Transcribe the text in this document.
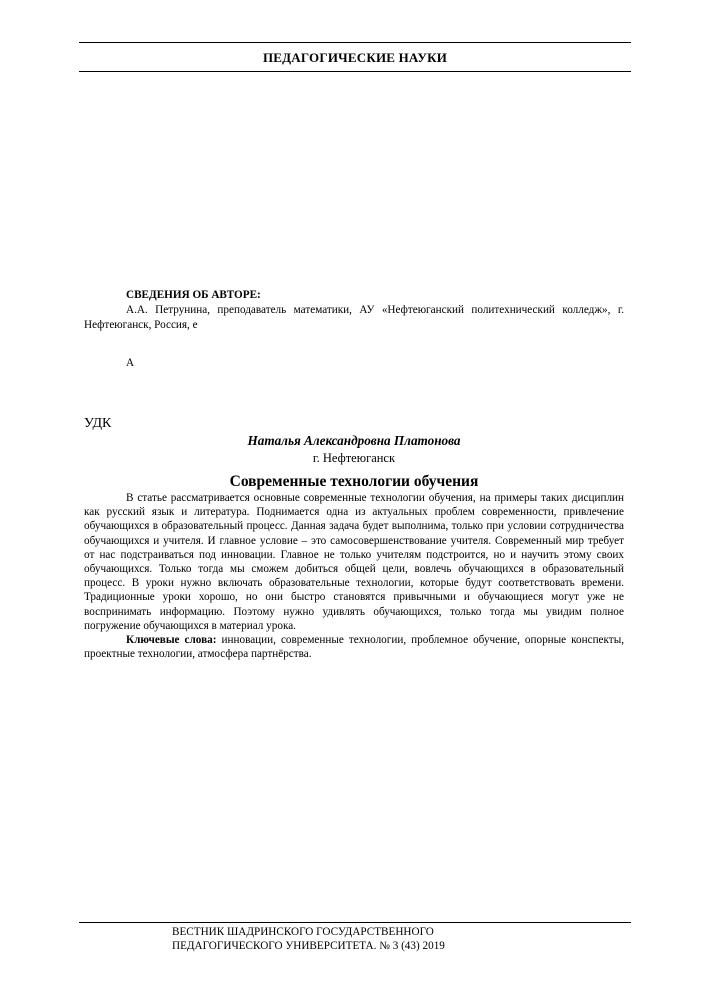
ПЕДАГОГИЧЕСКИЕ НАУКИ
СВЕДЕНИЯ ОБ АВТОРЕ:

А.А. Петрунина, преподаватель математики, АУ «Нефтеюганский политехнический колледж», г. Нефтеюганск, Россия, е

А
УДК
Наталья Александровна Платонова
г. Нефтеюганск
Современные технологии обучения

В статье рассматривается основные современные технологии обучения, на примеры таких дисциплин как русский язык и литература. Поднимается одна из актуальных проблем современности, привлечение обучающихся в образовательный процесс. Данная задача будет выполнима, только при условии сотрудничества обучающихся и учителя. И главное условие – это самосовершенствование учителя. Современный мир требует от нас подстраиваться под инновации. Главное не только учителям подстроится, но и научить этому своих обучающихся. Только тогда мы сможем добиться общей цели, вовлечь обучающихся в образовательный процесс. В уроки нужно включать образовательные технологии, которые будут соответствовать времени. Традиционные уроки хорошо, но они быстро становятся привычными и обучающиеся могут уже не воспринимать информацию. Поэтому нужно удивлять обучающихся, только тогда мы увидим полное погружение обучающихся в материал урока.

Ключевые слова: инновации, современные технологии, проблемное обучение, опорные конспекты, проектные технологии, атмосфера партнёрства.

ВЕСТНИК ШАДРИНСКОГО ГОСУДАРСТВЕННОГО
ПЕДАГОГИЧЕСКОГО УНИВЕРСИТЕТА. № 3 (43) 2019
